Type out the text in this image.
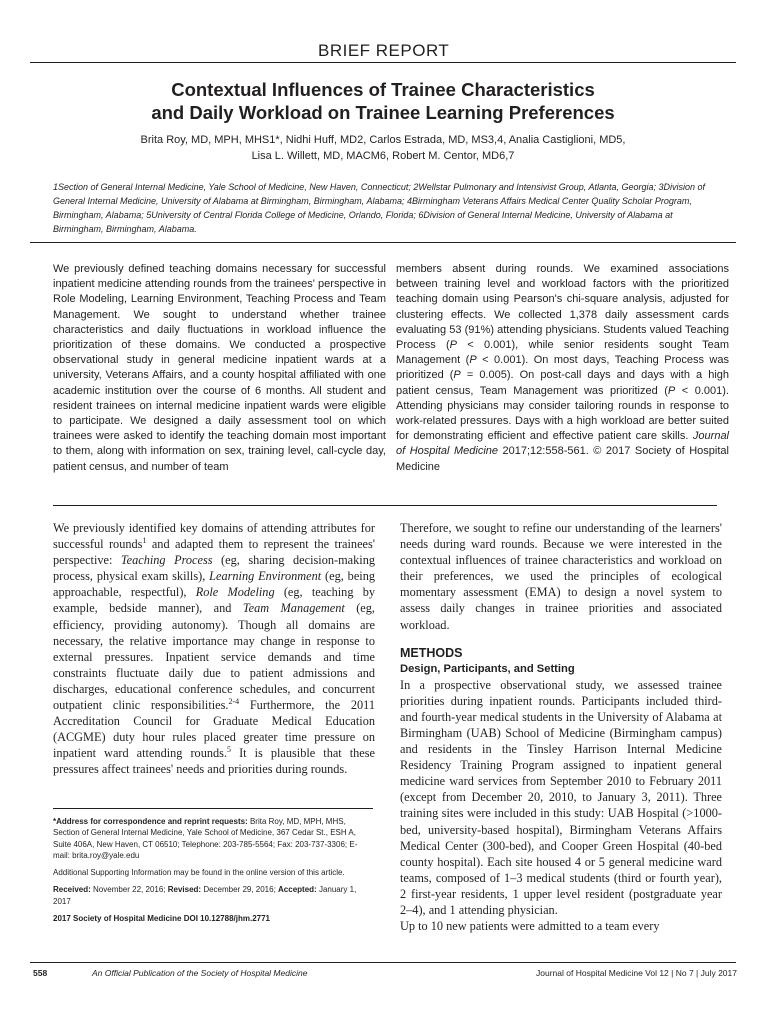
BRIEF REPORT
Contextual Influences of Trainee Characteristics
and Daily Workload on Trainee Learning Preferences
Brita Roy, MD, MPH, MHS1*, Nidhi Huff, MD2, Carlos Estrada, MD, MS3,4, Analia Castiglioni, MD5,
Lisa L. Willett, MD, MACM6, Robert M. Centor, MD6,7
1Section of General Internal Medicine, Yale School of Medicine, New Haven, Connecticut; 2Wellstar Pulmonary and Intensivist Group, Atlanta, Georgia; 3Division of General Internal Medicine, University of Alabama at Birmingham, Birmingham, Alabama; 4Birmingham Veterans Affairs Medical Center Quality Scholar Program, Birmingham, Alabama; 5University of Central Florida College of Medicine, Orlando, Florida; 6Division of General Internal Medicine, University of Alabama at Birmingham, Birmingham, Alabama.
We previously defined teaching domains necessary for successful inpatient medicine attending rounds from the trainees' perspective in Role Modeling, Learning Environment, Teaching Process and Team Management. We sought to understand whether trainee characteristics and daily fluctuations in workload influence the prioritization of these domains. We conducted a prospective observational study in general medicine inpatient wards at a university, Veterans Affairs, and a county hospital affiliated with one academic institution over the course of 6 months. All student and resident trainees on internal medicine inpatient wards were eligible to participate. We designed a daily assessment tool on which trainees were asked to identify the teaching domain most important to them, along with information on sex, training level, call-cycle day, patient census, and number of team
members absent during rounds. We examined associations between training level and workload factors with the prioritized teaching domain using Pearson's chi-square analysis, adjusted for clustering effects. We collected 1,378 daily assessment cards evaluating 53 (91%) attending physicians. Students valued Teaching Process (P < 0.001), while senior residents sought Team Management (P < 0.001). On most days, Teaching Process was prioritized (P = 0.005). On post-call days and days with a high patient census, Team Management was prioritized (P < 0.001). Attending physicians may consider tailoring rounds in response to work-related pressures. Days with a high workload are better suited for demonstrating efficient and effective patient care skills. Journal of Hospital Medicine 2017;12:558-561. © 2017 Society of Hospital Medicine

We previously identified key domains of attending attributes for successful rounds$^1$ and adapted them to represent the trainees' perspective: Teaching Process (eg, sharing decision-making process, physical exam skills), Learning Environment (eg, being approachable, respectful), Role Modeling (eg, teaching by example, bedside manner), and Team Management (eg, efficiency, providing autonomy). Though all domains are necessary, the relative importance may change in response to external pressures. Inpatient service demands and time constraints fluctuate daily due to patient admissions and discharges, educational conference schedules, and concurrent outpatient clinic responsibilities.$^{2-4}$ Furthermore, the 2011 Accreditation Council for Graduate Medical Education (ACGME) duty hour rules placed greater time pressure on inpatient ward attending rounds.$^5$ It is plausible that these pressures affect trainees' needs and priorities during rounds.

Therefore, we sought to refine our understanding of the learners' needs during ward rounds. Because we were interested in the contextual influences of trainee characteristics and workload on their preferences, we used the principles of ecological momentary assessment (EMA) to design a novel system to assess daily changes in trainee priorities and associated workload.

METHODS
Design, Participants, and Setting

In a prospective observational study, we assessed trainee priorities during inpatient rounds. Participants included third- and fourth-year medical students in the University of Alabama at Birmingham (UAB) School of Medicine (Birmingham campus) and residents in the Tinsley Harrison Internal Medicine Residency Training Program assigned to inpatient general medicine ward services from September 2010 to February 2011 (except from December 20, 2010, to January 3, 2011). Three training sites were included in this study: UAB Hospital (>1000-bed, university-based hospital), Birmingham Veterans Affairs Medical Center (300-bed), and Cooper Green Hospital (40-bed county hospital). Each site housed 4 or 5 general medicine ward teams, composed of 1–3 medical students (third or fourth year), 2 first-year residents, 1 upper level resident (postgraduate year 2–4), and 1 attending physician.

Up to 10 new patients were admitted to a team every

*Address for correspondence and reprint requests: Brita Roy, MD, MPH, MHS, Section of General Internal Medicine, Yale School of Medicine, 367 Cedar St., ESH A, Suite 406A, New Haven, CT 06510; Telephone: 203-785-5564; Fax: 203-737-3306; E-mail: brita.roy@yale.edu

Additional Supporting Information may be found in the online version of this article.

Received: November 22, 2016; Revised: December 29, 2016; Accepted: January 1, 2017

2017 Society of Hospital Medicine DOI 10.12788/jhm.2771

558	An Official Publication of the Society of Hospital Medicine	Journal of Hospital Medicine Vol 12 | No 7 | July 2017
